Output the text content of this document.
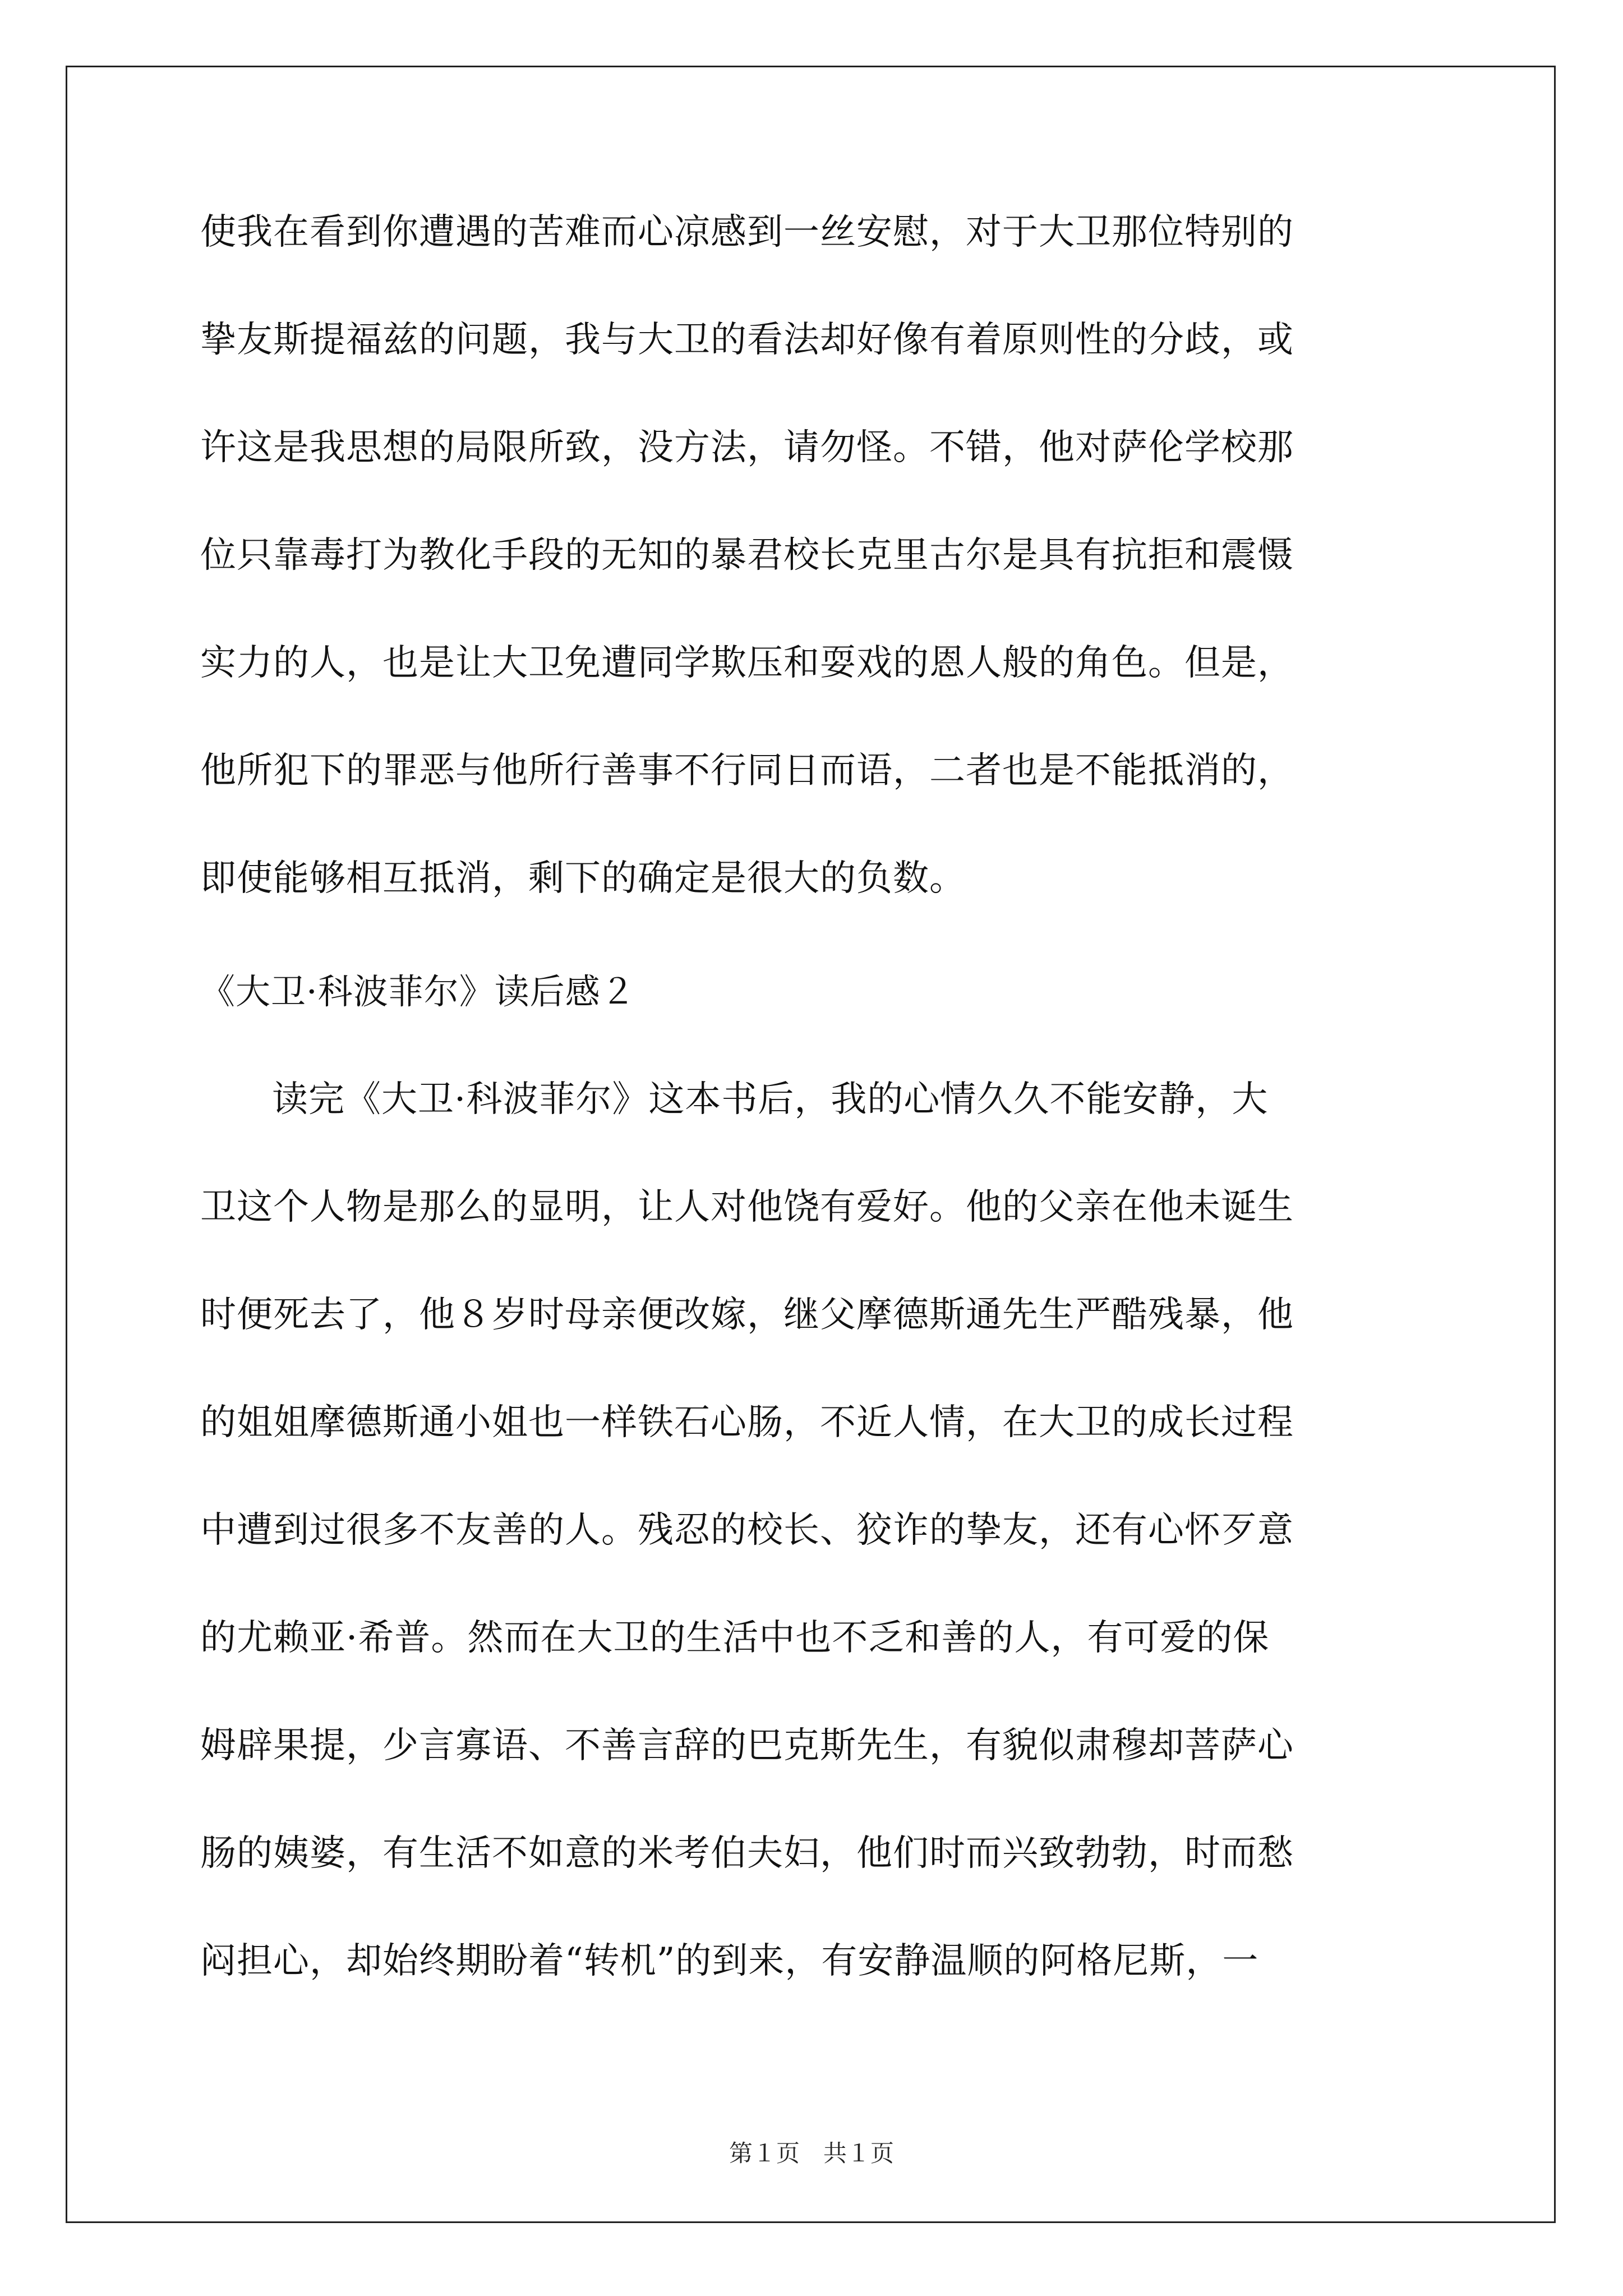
使我在看到你遭遇的苦难而心凉感到一丝安慰，对于大卫那位特别的
挚友斯提福兹的问题，我与大卫的看法却好像有着原则性的分歧，或
许这是我思想的局限所致，没方法，请勿怪。不错，他对萨伦学校那
位只靠毒打为教化手段的无知的暴君校长克里古尔是具有抗拒和震慑
实力的人，也是让大卫免遭同学欺压和耍戏的恩人般的角色。但是，
他所犯下的罪恶与他所行善事不行同日而语，二者也是不能抵消的，
即使能够相互抵消，剩下的确定是很大的负数。
《大卫·科波菲尔》读后感２
读完《大卫·科波菲尔》这本书后，我的心情久久不能安静，大
卫这个人物是那么的显明，让人对他饶有爱好。他的父亲在他未诞生
时便死去了，他８岁时母亲便改嫁，继父摩德斯通先生严酷残暴，他
的姐姐摩德斯通小姐也一样铁石心肠，不近人情，在大卫的成长过程
中遭到过很多不友善的人。残忍的校长、狡诈的挚友，还有心怀歹意
的尤赖亚·希普。然而在大卫的生活中也不乏和善的人，有可爱的保
姆辟果提，少言寡语、不善言辞的巴克斯先生，有貌似肃穆却菩萨心
肠的姨婆，有生活不如意的米考伯夫妇，他们时而兴致勃勃，时而愁
闷担心，却始终期盼着“转机”的到来，有安静温顺的阿格尼斯，一
第１页 共１页
